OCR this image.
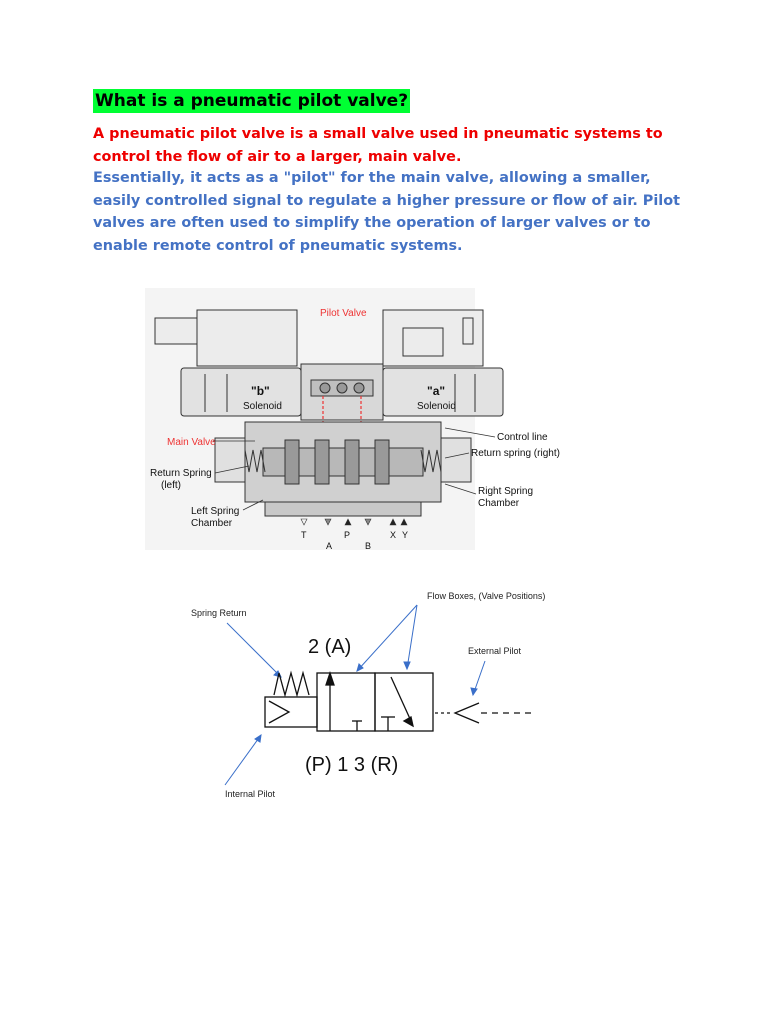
What is a pneumatic pilot valve?

A pneumatic pilot valve is a small valve used in pneumatic systems to control the flow of air to a larger, main valve.

Essentially, it acts as a "pilot" for the main valve, allowing a smaller, easily controlled signal to regulate a higher pressure or flow of air. Pilot valves are often used to simplify the operation of larger valves or to enable remote control of pneumatic systems.

Pilot Valve
"b"
Solenoid
"a"
Solenoid
Main Valve	Control line
Return spring (right)
Return Spring
(left)
Right Spring
Chamber
Left Spring
Chamber
T	P	X Y
A	B
Flow Boxes, (Valve Positions)
Spring Return
2 (A)	External Pilot
(P) 1 3 (R)
Internal Pilot
